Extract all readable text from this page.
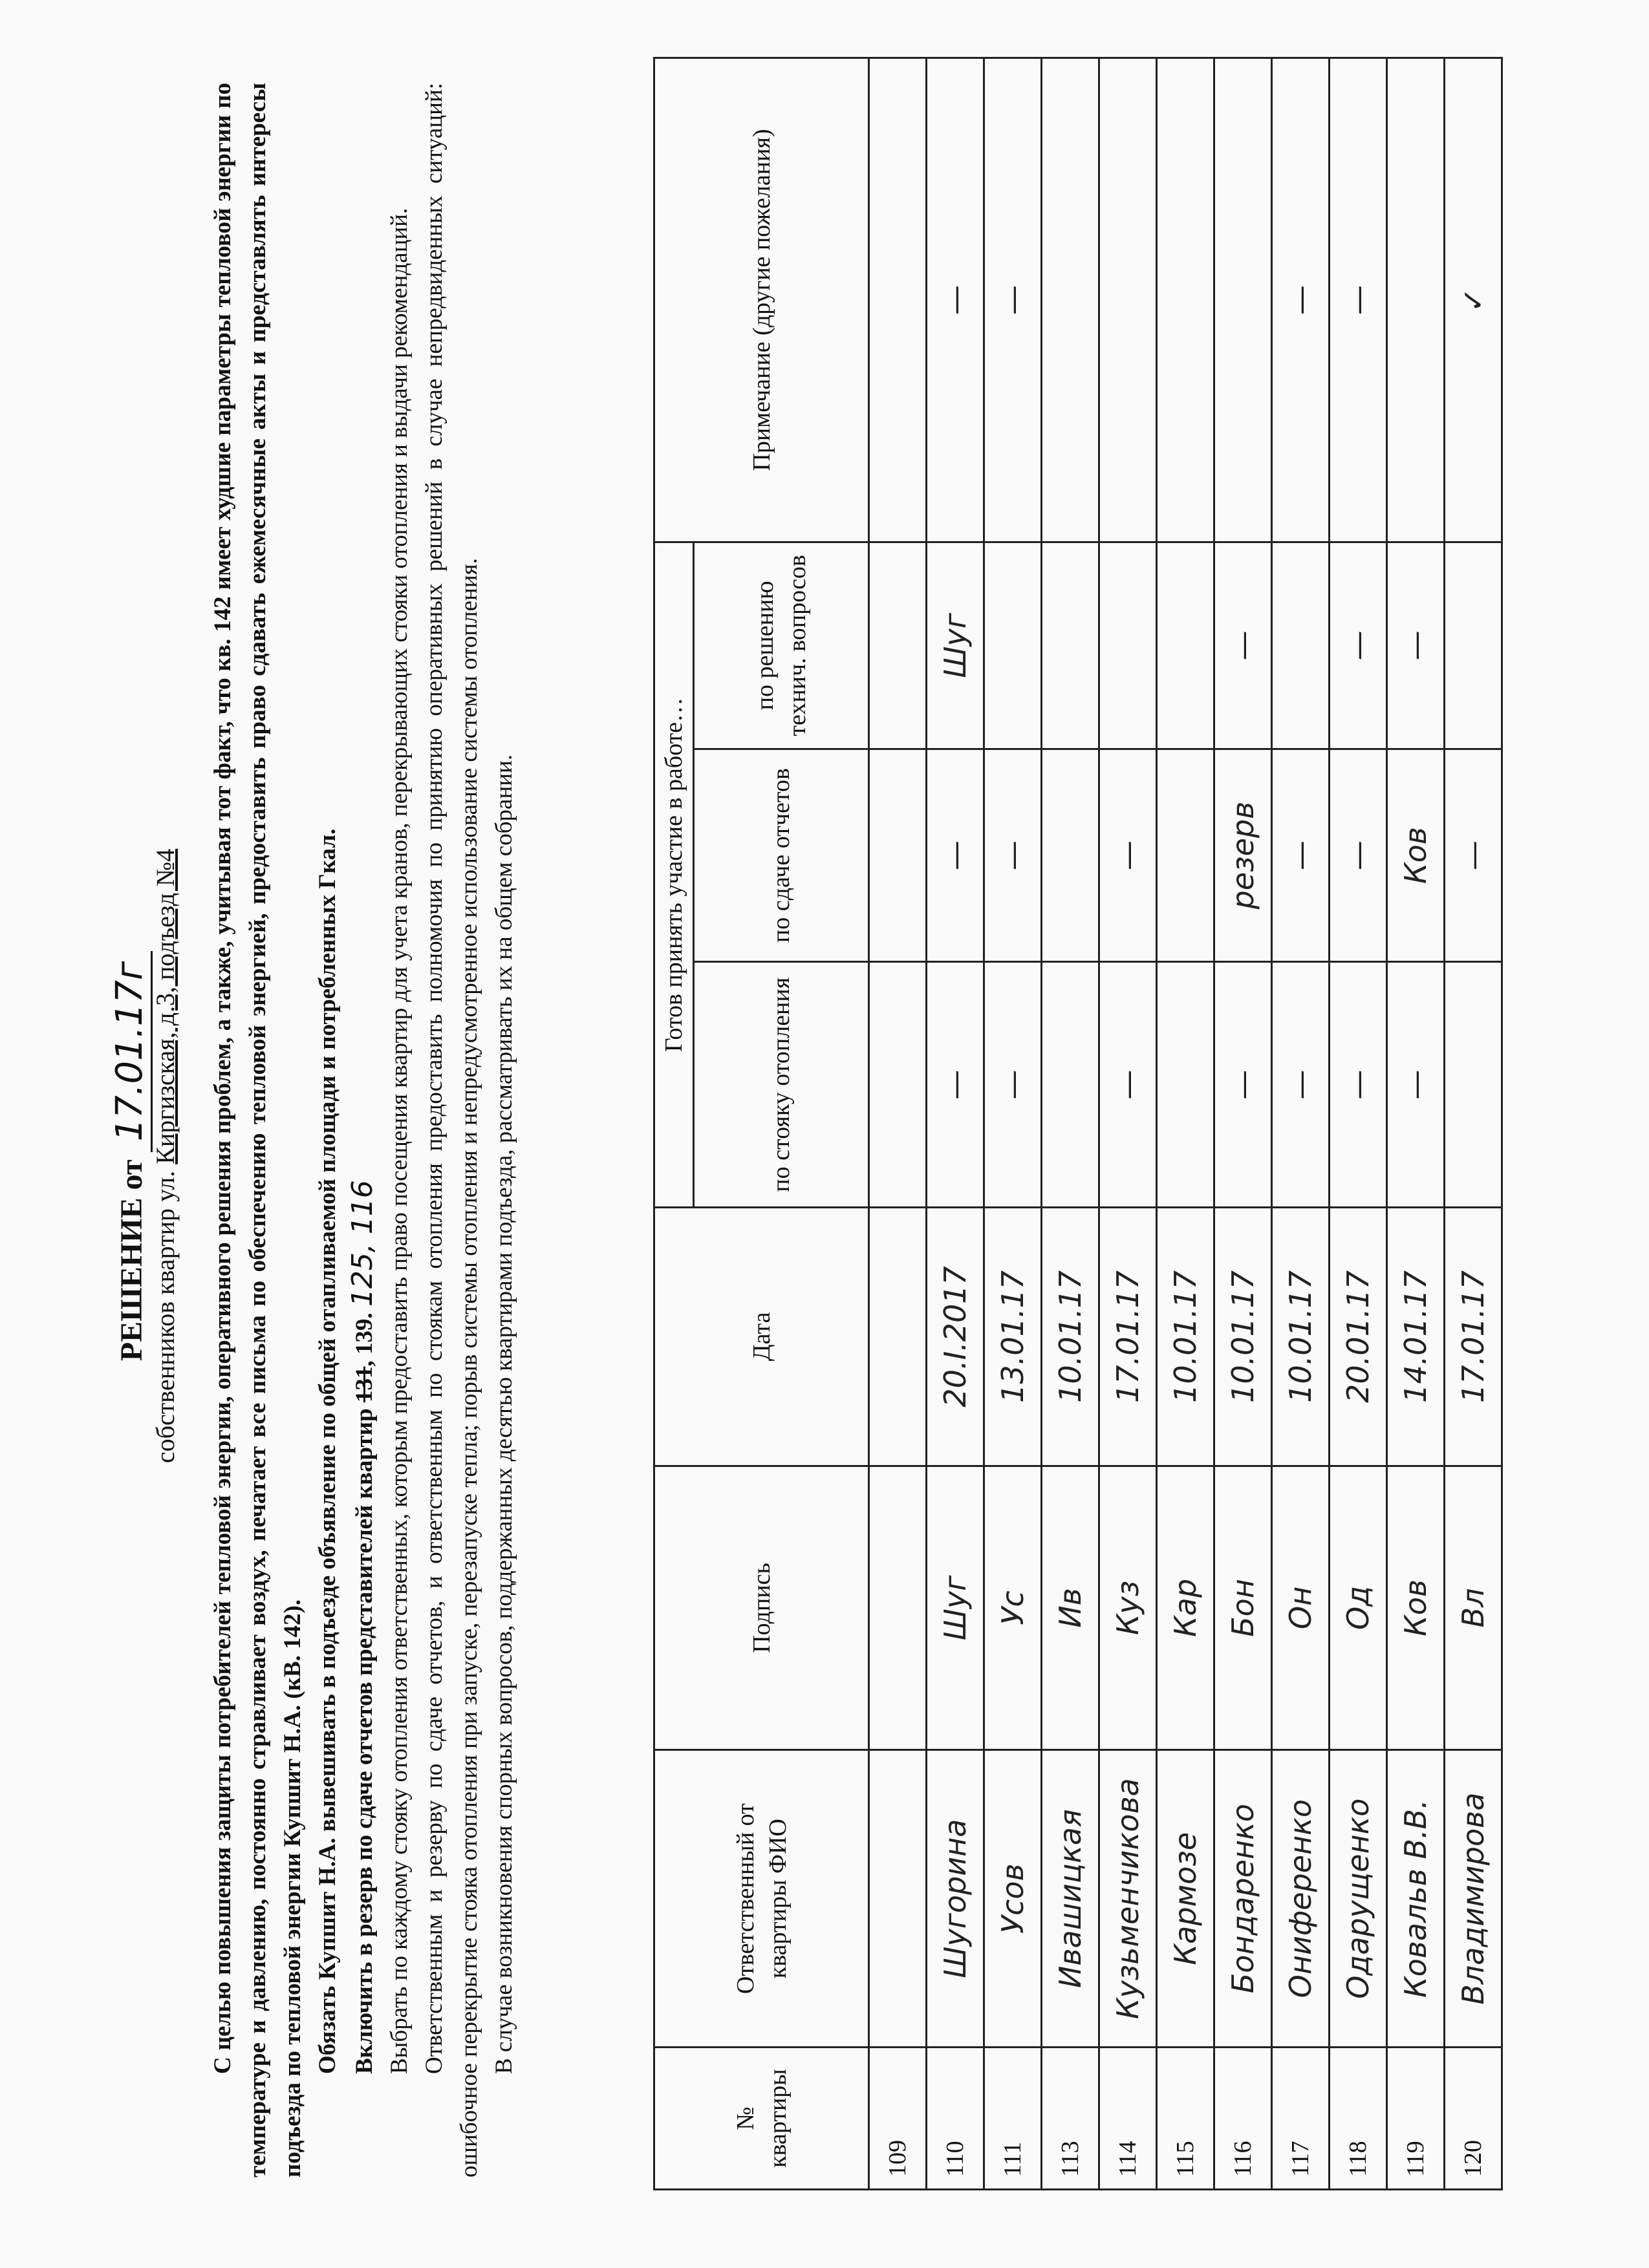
РЕШЕНИЕ от 17.01.17г
собственников квартир ул. Киргизская, д.3, подъезд №4 С целью повышения защиты потребителей тепловой энергии, оперативного решения проблем, а также, учитывая тот факт, что кв. 142 имеет худшие параметры тепловой энергии по температуре и давлению, постоянно стравливает воздух, печатает все письма по обеспечению тепловой энергией, предоставить право сдавать ежемесячные акты и представлять интересы подъезда по тепловой энергии Купшит Н.А. (кВ. 142). Обязать Купшит Н.А. вывешивать в подъезде объявление по общей отапливаемой площади и потребленных Гкал. Включить в резерв по сдаче отчетов представителей квартир 131, 139. 125, 116 Выбрать по каждому стояку отопления ответственных, которым предоставить право посещения квартир для учета кранов, перекрывающих стояки отопления и выдачи рекомендаций. Ответственным и резерву по сдаче отчетов, и ответственным по стоякам отопления предоставить полномочия по принятию оперативных решений в случае непредвиденных ситуаций: ошибочное перекрытие стояка отопления при запуске, перезапуске тепла; порыв системы отопления и непредусмотренное использование системы отопления. В случае возникновения спорных вопросов, поддержанных десятью квартирами подъезда, рассматривать их на общем собрании.

№ квартиры	Ответственный от квартиры ФИО	Подпись	Дата	Готов принять участие в работе…			Примечание (другие пожелания)
				по стояку отопления	по сдаче отчетов	по решению технич. вопросов	
109							
110	Шугорина	Шуг	20.I.2017	—	—	Шуг	—
111	Усов	Ус	13.01.17	—	—		—
113	Ивашицкая	Ив	10.01.17				
114	Кузьменчикова	Куз	17.01.17	—	—		
115	Кармозе	Кар	10.01.17				
116	Бондаренко	Бон	10.01.17	—	резерв	—	
117	Ониференко	Он	10.01.17	—	—		—
118	Одарущенко	Од	20.01.17	—	—	—	—
119	Ковальв В.В.	Ков	14.01.17	—	Ков	—	
120	Владимирова	Вл	17.01.17		—		✓
